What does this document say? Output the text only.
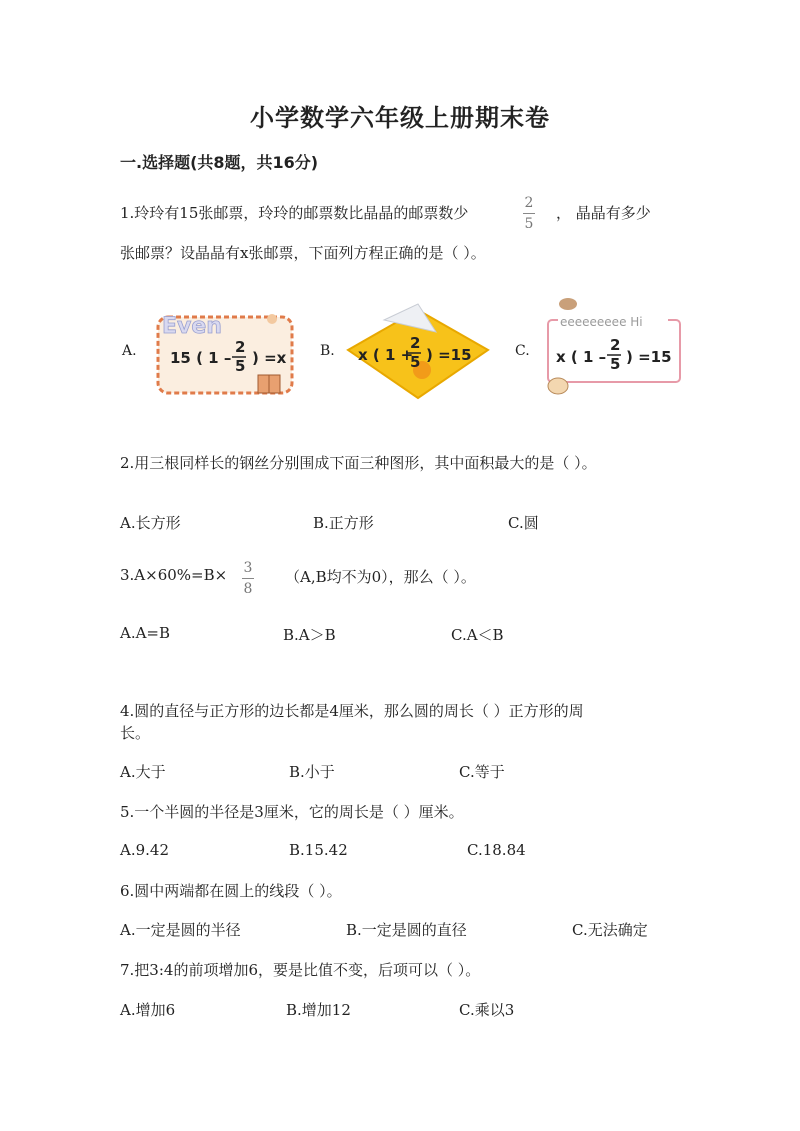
小学数学六年级上册期末卷
一.选择题(共8题，共16分)
1.玲玲有15张邮票，玲玲的邮票数比晶晶的邮票数少
2
5
， 晶晶有多少
张邮票？设晶晶有x张邮票，下面列方程正确的是（ ）。
A.
Even
15 ( 1 –
2
5 ) =x B. x ( 1 +
2
5 ) =15	C.
eeeeeeeee Hi
x ( 1 –
2
5 ) =15
2.用三根同样长的钢丝分别围成下面三种图形，其中面积最大的是（ ）。
A.长方形	B.正方形	C.圆
3.A×60%=B× 3
8
（A,B均不为0），那么（ ）。
A.A=B	B.A＞B	C.A＜B
4.圆的直径与正方形的边长都是4厘米，那么圆的周长（ ）正方形的周
长。
A.大于	B.小于	C.等于
5.一个半圆的半径是3厘米，它的周长是（ ）厘米。
A.9.42	B.15.42	C.18.84
6.圆中两端都在圆上的线段（ ）。
A.一定是圆的半径	B.一定是圆的直径	C.无法确定
7.把3:4的前项增加6，要是比值不变，后项可以（ ）。
A.增加6	B.增加12	C.乘以3
